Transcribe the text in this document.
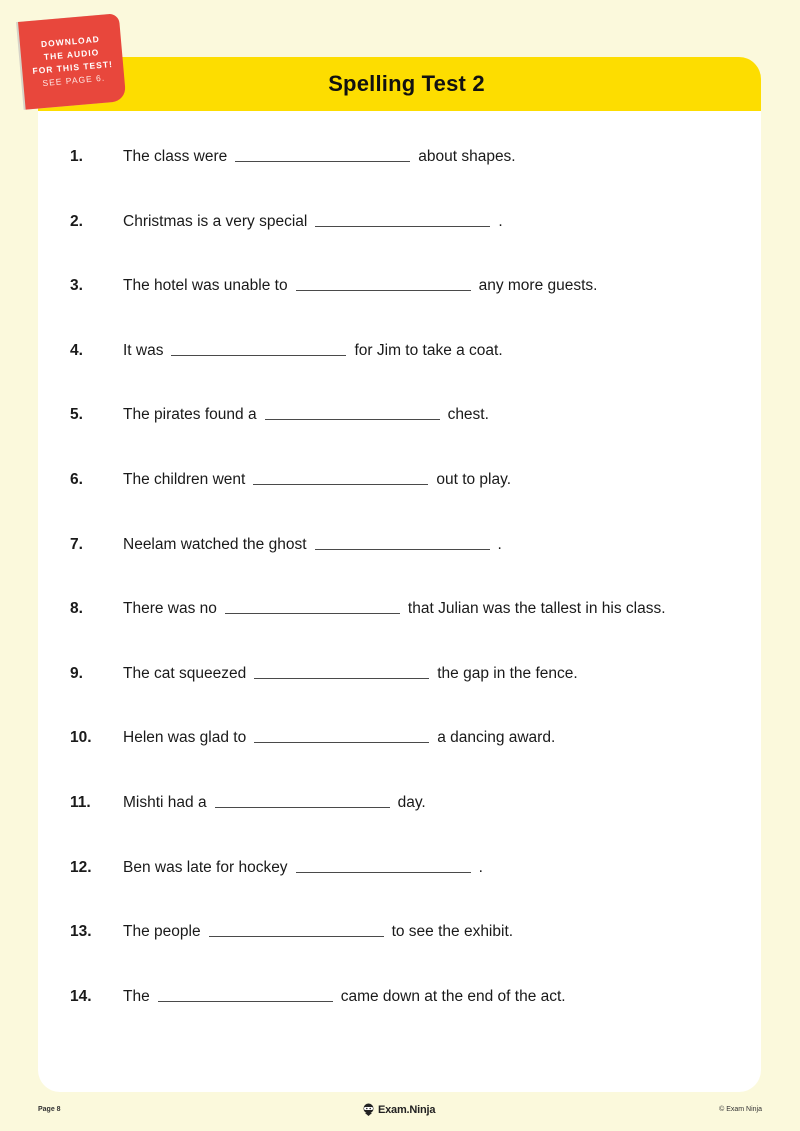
DOWNLOAD
THE AUDIO
FOR THIS TEST!
SEE PAGE 6.	Spelling Test 2
1.	The class were	about shapes.
2.	Christmas is a very special	.
3.	The hotel was unable to	any more guests.
4.	It was	for Jim to take a coat.
5.	The pirates found a	chest.
6.	The children went	out to play.
7.	Neelam watched the ghost	.
8.	There was no	that Julian was the tallest in his class.
9.	The cat squeezed	the gap in the fence.
10. Helen was glad to	a dancing award.
11. Mishti had a	day.
12. Ben was late for hockey	.
13. The people	to see the exhibit.
14. The	came down at the end of the act.
Page 8	Exam.Ninja	© Exam Ninja
